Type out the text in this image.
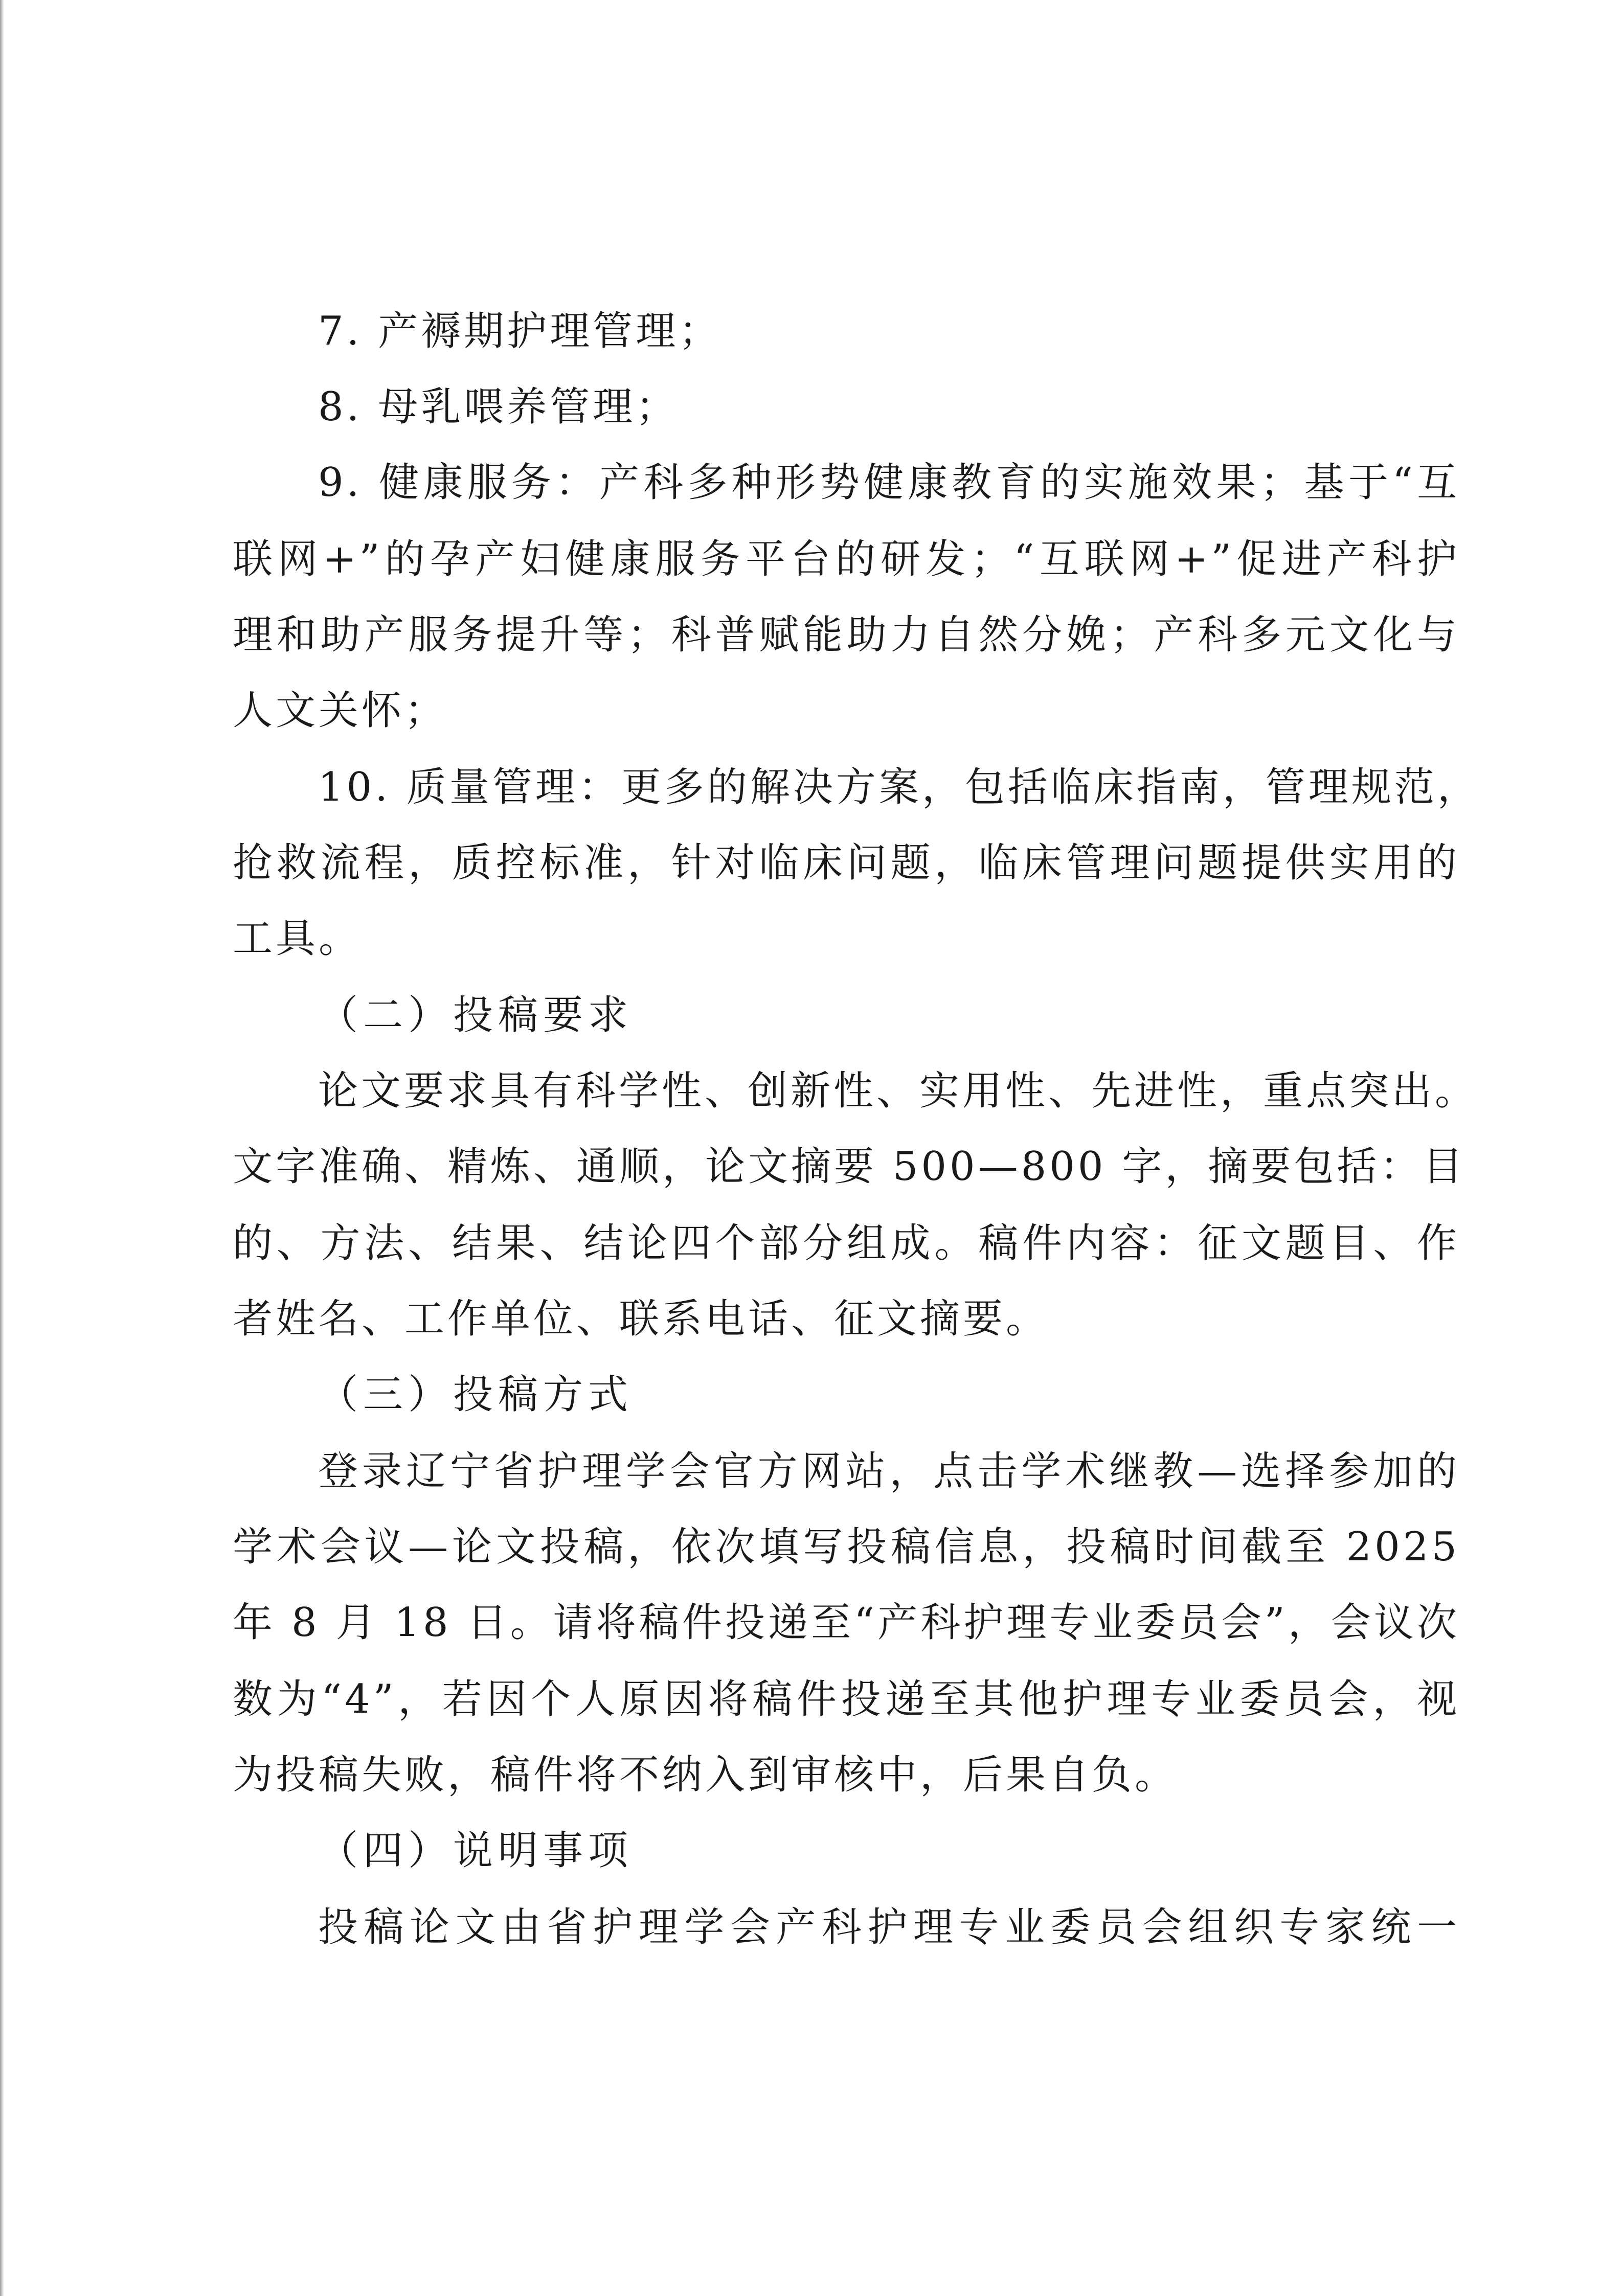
7. 产褥期护理管理；
8. 母乳喂养管理；
9. 健康服务：产科多种形势健康教育的实施效果；基于“互
联网+”的孕产妇健康服务平台的研发；“互联网+”促进产科护
理和助产服务提升等；科普赋能助力自然分娩；产科多元文化与
人文关怀；
10. 质量管理：更多的解决方案，包括临床指南，管理规范，
抢救流程，质控标准，针对临床问题，临床管理问题提供实用的
工具。
（二）投稿要求
论文要求具有科学性、创新性、实用性、先进性，重点突出。
文字准确、精炼、通顺，论文摘要 500—800 字，摘要包括：目
的、方法、结果、结论四个部分组成。稿件内容：征文题目、作
者姓名、工作单位、联系电话、征文摘要。
（三）投稿方式
登录辽宁省护理学会官方网站，点击学术继教—选择参加的
学术会议—论文投稿，依次填写投稿信息，投稿时间截至 2025
年 8 月 18 日。请将稿件投递至“产科护理专业委员会”，会议次
数为“4”，若因个人原因将稿件投递至其他护理专业委员会，视
为投稿失败，稿件将不纳入到审核中，后果自负。
（四）说明事项
投稿论文由省护理学会产科护理专业委员会组织专家统一
